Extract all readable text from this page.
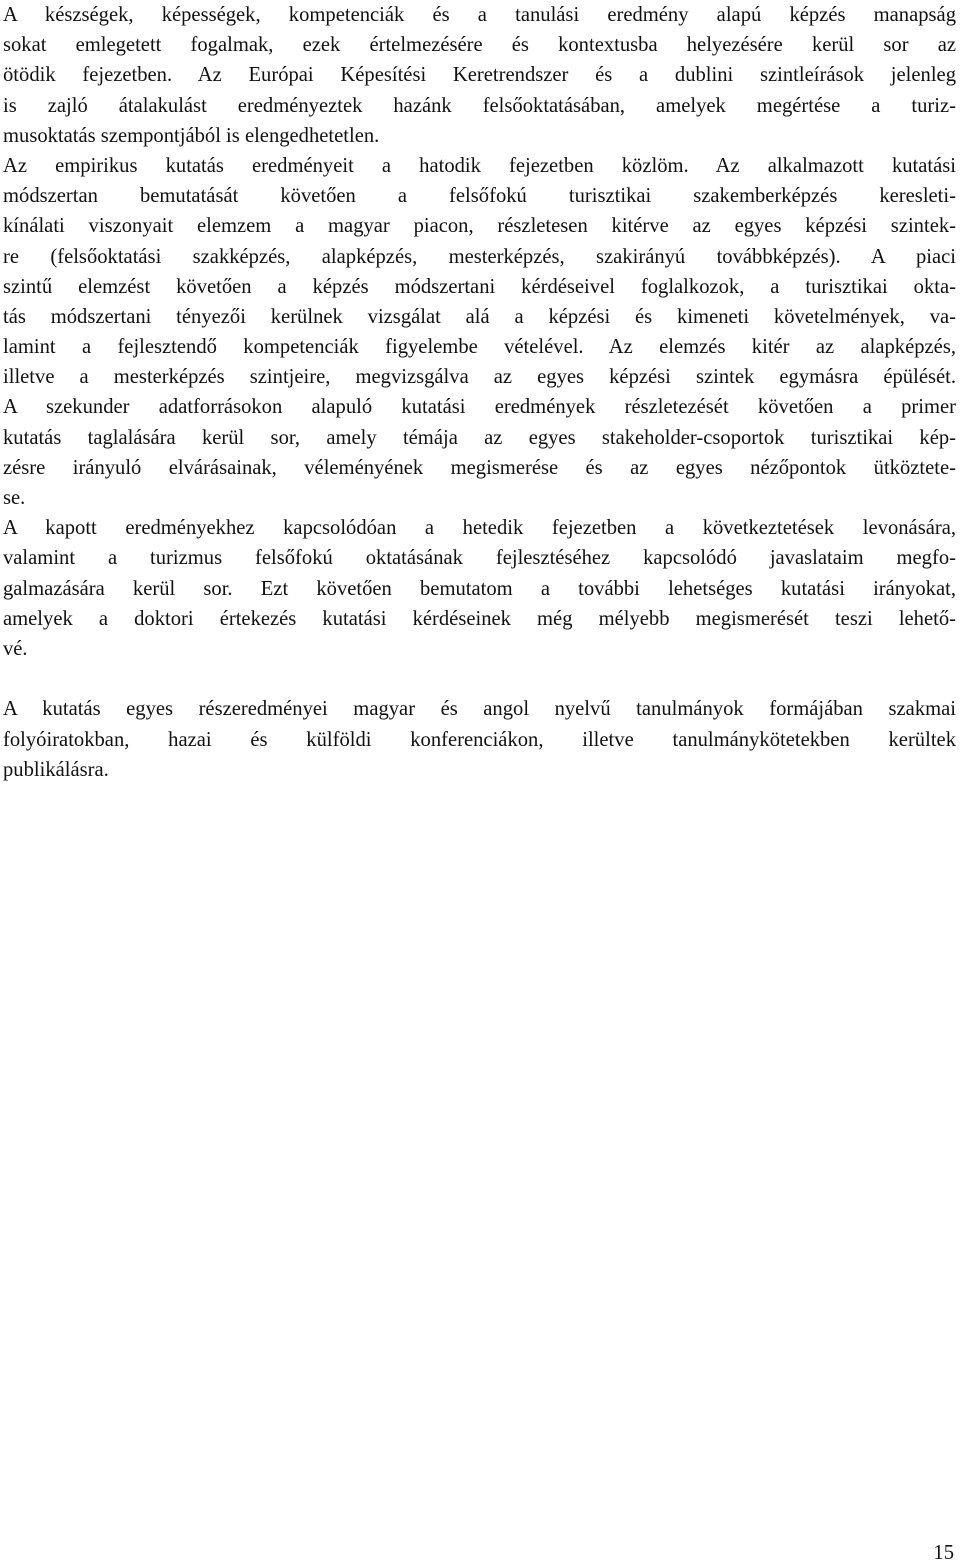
A készségek, képességek, kompetenciák és a tanulási eredmény alapú képzés manapság
sokat emlegetett fogalmak, ezek értelmezésére és kontextusba helyezésére kerül sor az
ötödik fejezetben. Az Európai Képesítési Keretrendszer és a dublini szintleírások jelenleg
is zajló átalakulást eredményeztek hazánk felsőoktatásában, amelyek megértése a turiz-
musoktatás szempontjából is elengedhetetlen.
Az empirikus kutatás eredményeit a hatodik fejezetben közlöm. Az alkalmazott kutatási
módszertan bemutatását követően a felsőfokú turisztikai szakemberképzés keresleti-
kínálati viszonyait elemzem a magyar piacon, részletesen kitérve az egyes képzési szintek-
re (felsőoktatási szakképzés, alapképzés, mesterképzés, szakirányú továbbképzés). A piaci
szintű elemzést követően a képzés módszertani kérdéseivel foglalkozok, a turisztikai okta-
tás módszertani tényezői kerülnek vizsgálat alá a képzési és kimeneti követelmények, va-
lamint a fejlesztendő kompetenciák figyelembe vételével. Az elemzés kitér az alapképzés,
illetve a mesterképzés szintjeire, megvizsgálva az egyes képzési szintek egymásra épülését.
A szekunder adatforrásokon alapuló kutatási eredmények részletezését követően a primer
kutatás taglalására kerül sor, amely témája az egyes stakeholder-csoportok turisztikai kép-
zésre irányuló elvárásainak, véleményének megismerése és az egyes nézőpontok ütköztete-
se.
A kapott eredményekhez kapcsolódóan a hetedik fejezetben a következtetések levonására,
valamint a turizmus felsőfokú oktatásának fejlesztéséhez kapcsolódó javaslataim megfo-
galmazására kerül sor. Ezt követően bemutatom a további lehetséges kutatási irányokat,
amelyek a doktori értekezés kutatási kérdéseinek még mélyebb megismerését teszi lehető-
vé.
A kutatás egyes részeredményei magyar és angol nyelvű tanulmányok formájában szakmai
folyóiratokban, hazai és külföldi konferenciákon, illetve tanulmánykötetekben kerültek
publikálásra.
15
